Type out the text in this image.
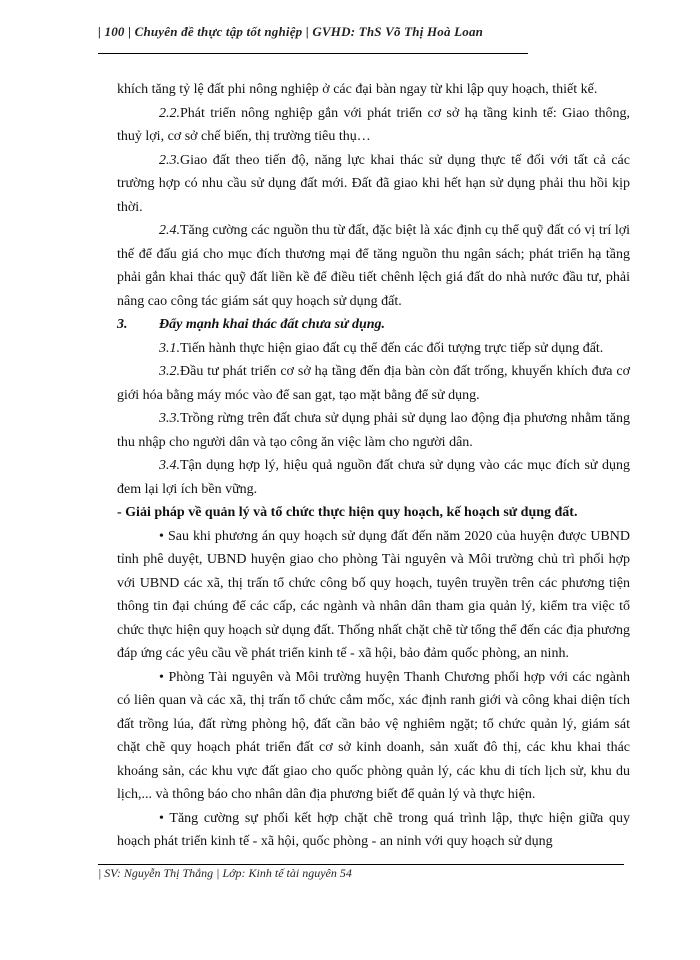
| 100 | Chuyên đề thực tập tốt nghiệp | GVHD: ThS Võ Thị Hoà Loan

khích tăng tỷ lệ đất phi nông nghiệp ở các đại bàn ngay từ khi lập quy hoạch, thiết kế.

2.2.Phát triển nông nghiệp gắn với phát triển cơ sở hạ tầng kinh tế: Giao thông, thuỷ lợi, cơ sở chế biến, thị trường tiêu thụ…

2.3.Giao đất theo tiến độ, năng lực khai thác sử dụng thực tế đối với tất cả các trường hợp có nhu cầu sử dụng đất mới. Đất đã giao khi hết hạn sử dụng phải thu hồi kịp thời.

2.4.Tăng cường các nguồn thu từ đất, đặc biệt là xác định cụ thể quỹ đất có vị trí lợi thế để đấu giá cho mục đích thương mại để tăng nguồn thu ngân sách; phát triển hạ tầng phải gắn khai thác quỹ đất liền kề để điều tiết chênh lệch giá đất do nhà nước đầu tư, phải nâng cao công tác giám sát quy hoạch sử dụng đất.

3. Đẩy mạnh khai thác đất chưa sử dụng.

3.1.Tiến hành thực hiện giao đất cụ thể đến các đối tượng trực tiếp sử dụng đất.

3.2.Đầu tư phát triển cơ sở hạ tầng đến địa bàn còn đất trống, khuyến khích đưa cơ giới hóa bằng máy móc vào để san gạt, tạo mặt bằng để sử dụng.

3.3.Trồng rừng trên đất chưa sử dụng phải sử dụng lao động địa phương nhằm tăng thu nhập cho người dân và tạo công ăn việc làm cho người dân.

3.4.Tận dụng hợp lý, hiệu quả nguồn đất chưa sử dụng vào các mục đích sử dụng đem lại lợi ích bền vững.

- Giải pháp về quản lý và tổ chức thực hiện quy hoạch, kế hoạch sử dụng đất.

• Sau khi phương án quy hoạch sử dụng đất đến năm 2020 của huyện được UBND tỉnh phê duyệt, UBND huyện giao cho phòng Tài nguyên và Môi trường chủ trì phối hợp với UBND các xã, thị trấn tổ chức công bố quy hoạch, tuyên truyền trên các phương tiện thông tin đại chúng để các cấp, các ngành và nhân dân tham gia quản lý, kiểm tra việc tổ chức thực hiện quy hoạch sử dụng đất. Thống nhất chặt chẽ từ tổng thể đến các địa phương đáp ứng các yêu cầu về phát triển kinh tế - xã hội, bảo đảm quốc phòng, an ninh.

• Phòng Tài nguyên và Môi trường huyện Thanh Chương phối hợp với các ngành có liên quan và các xã, thị trấn tổ chức cắm mốc, xác định ranh giới và công khai diện tích đất trồng lúa, đất rừng phòng hộ, đất cần bảo vệ nghiêm ngặt; tổ chức quản lý, giám sát chặt chẽ quy hoạch phát triển đất cơ sở kinh doanh, sản xuất đô thị, các khu khai thác khoáng sản, các khu vực đất giao cho quốc phòng quản lý, các khu di tích lịch sử, khu du lịch,... và thông báo cho nhân dân địa phương biết để quản lý và thực hiện.

• Tăng cường sự phối kết hợp chặt chẽ trong quá trình lập, thực hiện giữa quy hoạch phát triển kinh tế - xã hội, quốc phòng - an ninh với quy hoạch sử dụng

| SV: Nguyễn Thị Thắng | Lớp: Kinh tế tài nguyên 54
